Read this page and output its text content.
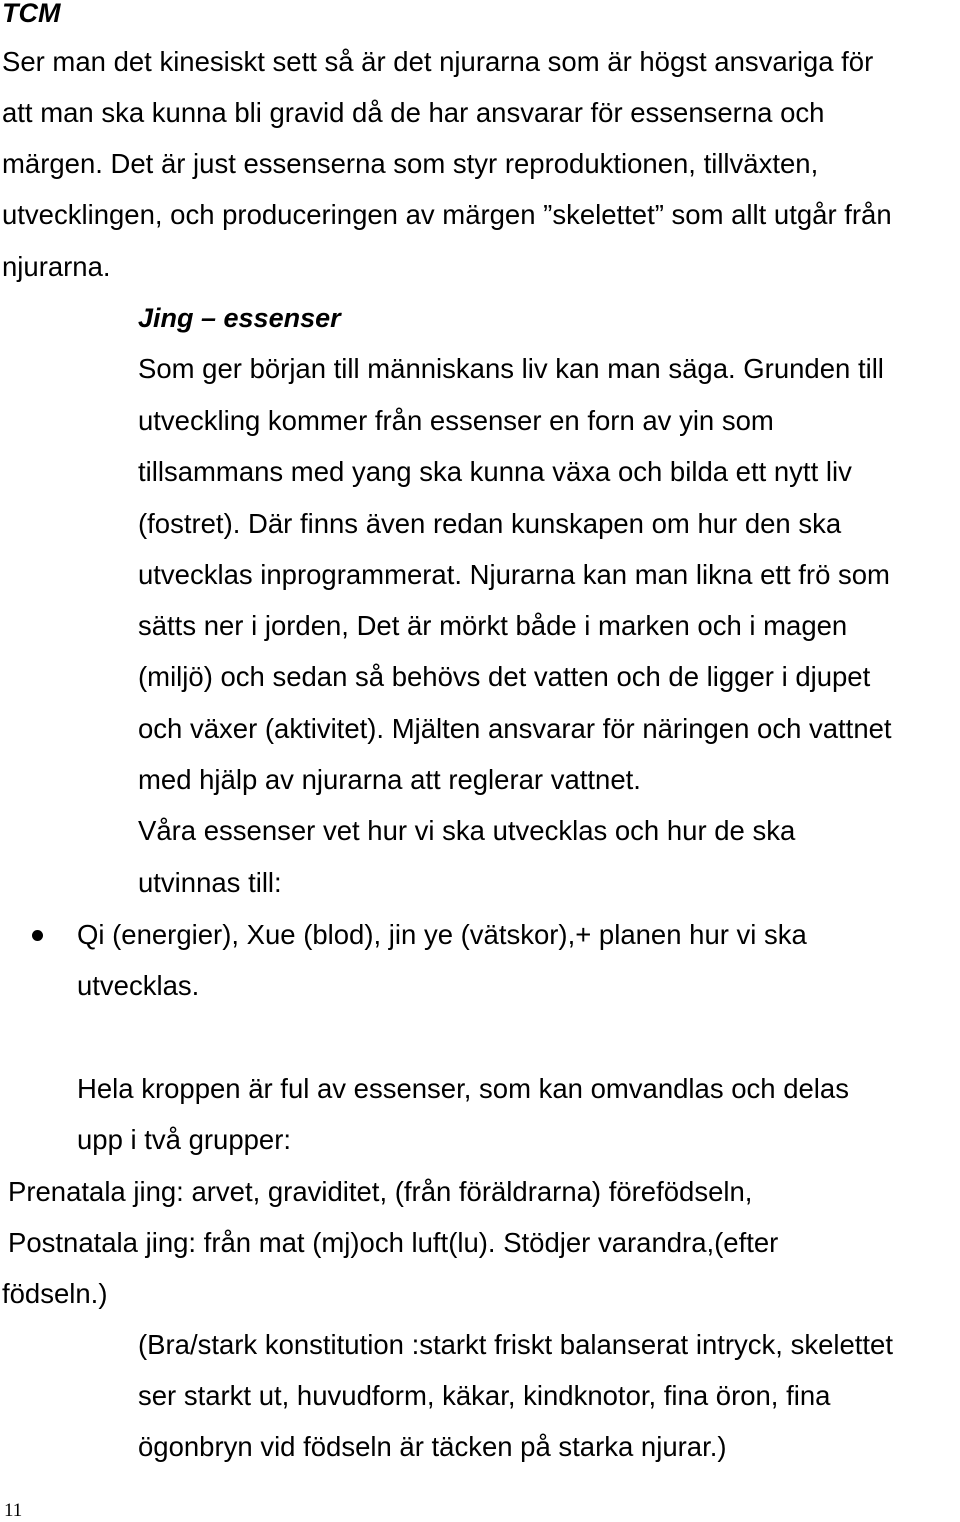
TCM
Ser man det kinesiskt sett så är det njurarna som är högst ansvariga för
att man ska kunna bli gravid då de har ansvarar för essenserna och
märgen. Det är just essenserna som styr reproduktionen, tillväxten,
utvecklingen, och produceringen av märgen ”skelettet” som allt utgår från
njurarna.
Jing – essenser
Som ger början till människans liv kan man säga. Grunden till
utveckling kommer från essenser en forn av yin som
tillsammans med yang ska kunna växa och bilda ett nytt liv
(fostret). Där finns även redan kunskapen om hur den ska
utvecklas inprogrammerat. Njurarna kan man likna ett frö som
sätts ner i jorden, Det är mörkt både i marken och i magen
(miljö) och sedan så behövs det vatten och de ligger i djupet
och växer (aktivitet). Mjälten ansvarar för näringen och vattnet
med hjälp av njurarna att reglerar vattnet.
Våra essenser vet hur vi ska utvecklas och hur de ska
utvinnas till:
Qi (energier), Xue (blod), jin ye (vätskor),+ planen hur vi ska
utvecklas.
Hela kroppen är ful av essenser, som kan omvandlas och delas
upp i två grupper:
Prenatala jing: arvet, graviditet, (från föräldrarna) förefödseln,
Postnatala jing: från mat (mj)och luft(lu). Stödjer varandra,(efter
födseln.)
(Bra/stark konstitution :starkt friskt balanserat intryck, skelettet
ser starkt ut, huvudform, käkar, kindknotor, fina öron, fina
ögonbryn vid födseln är täcken på starka njurar.)
11
